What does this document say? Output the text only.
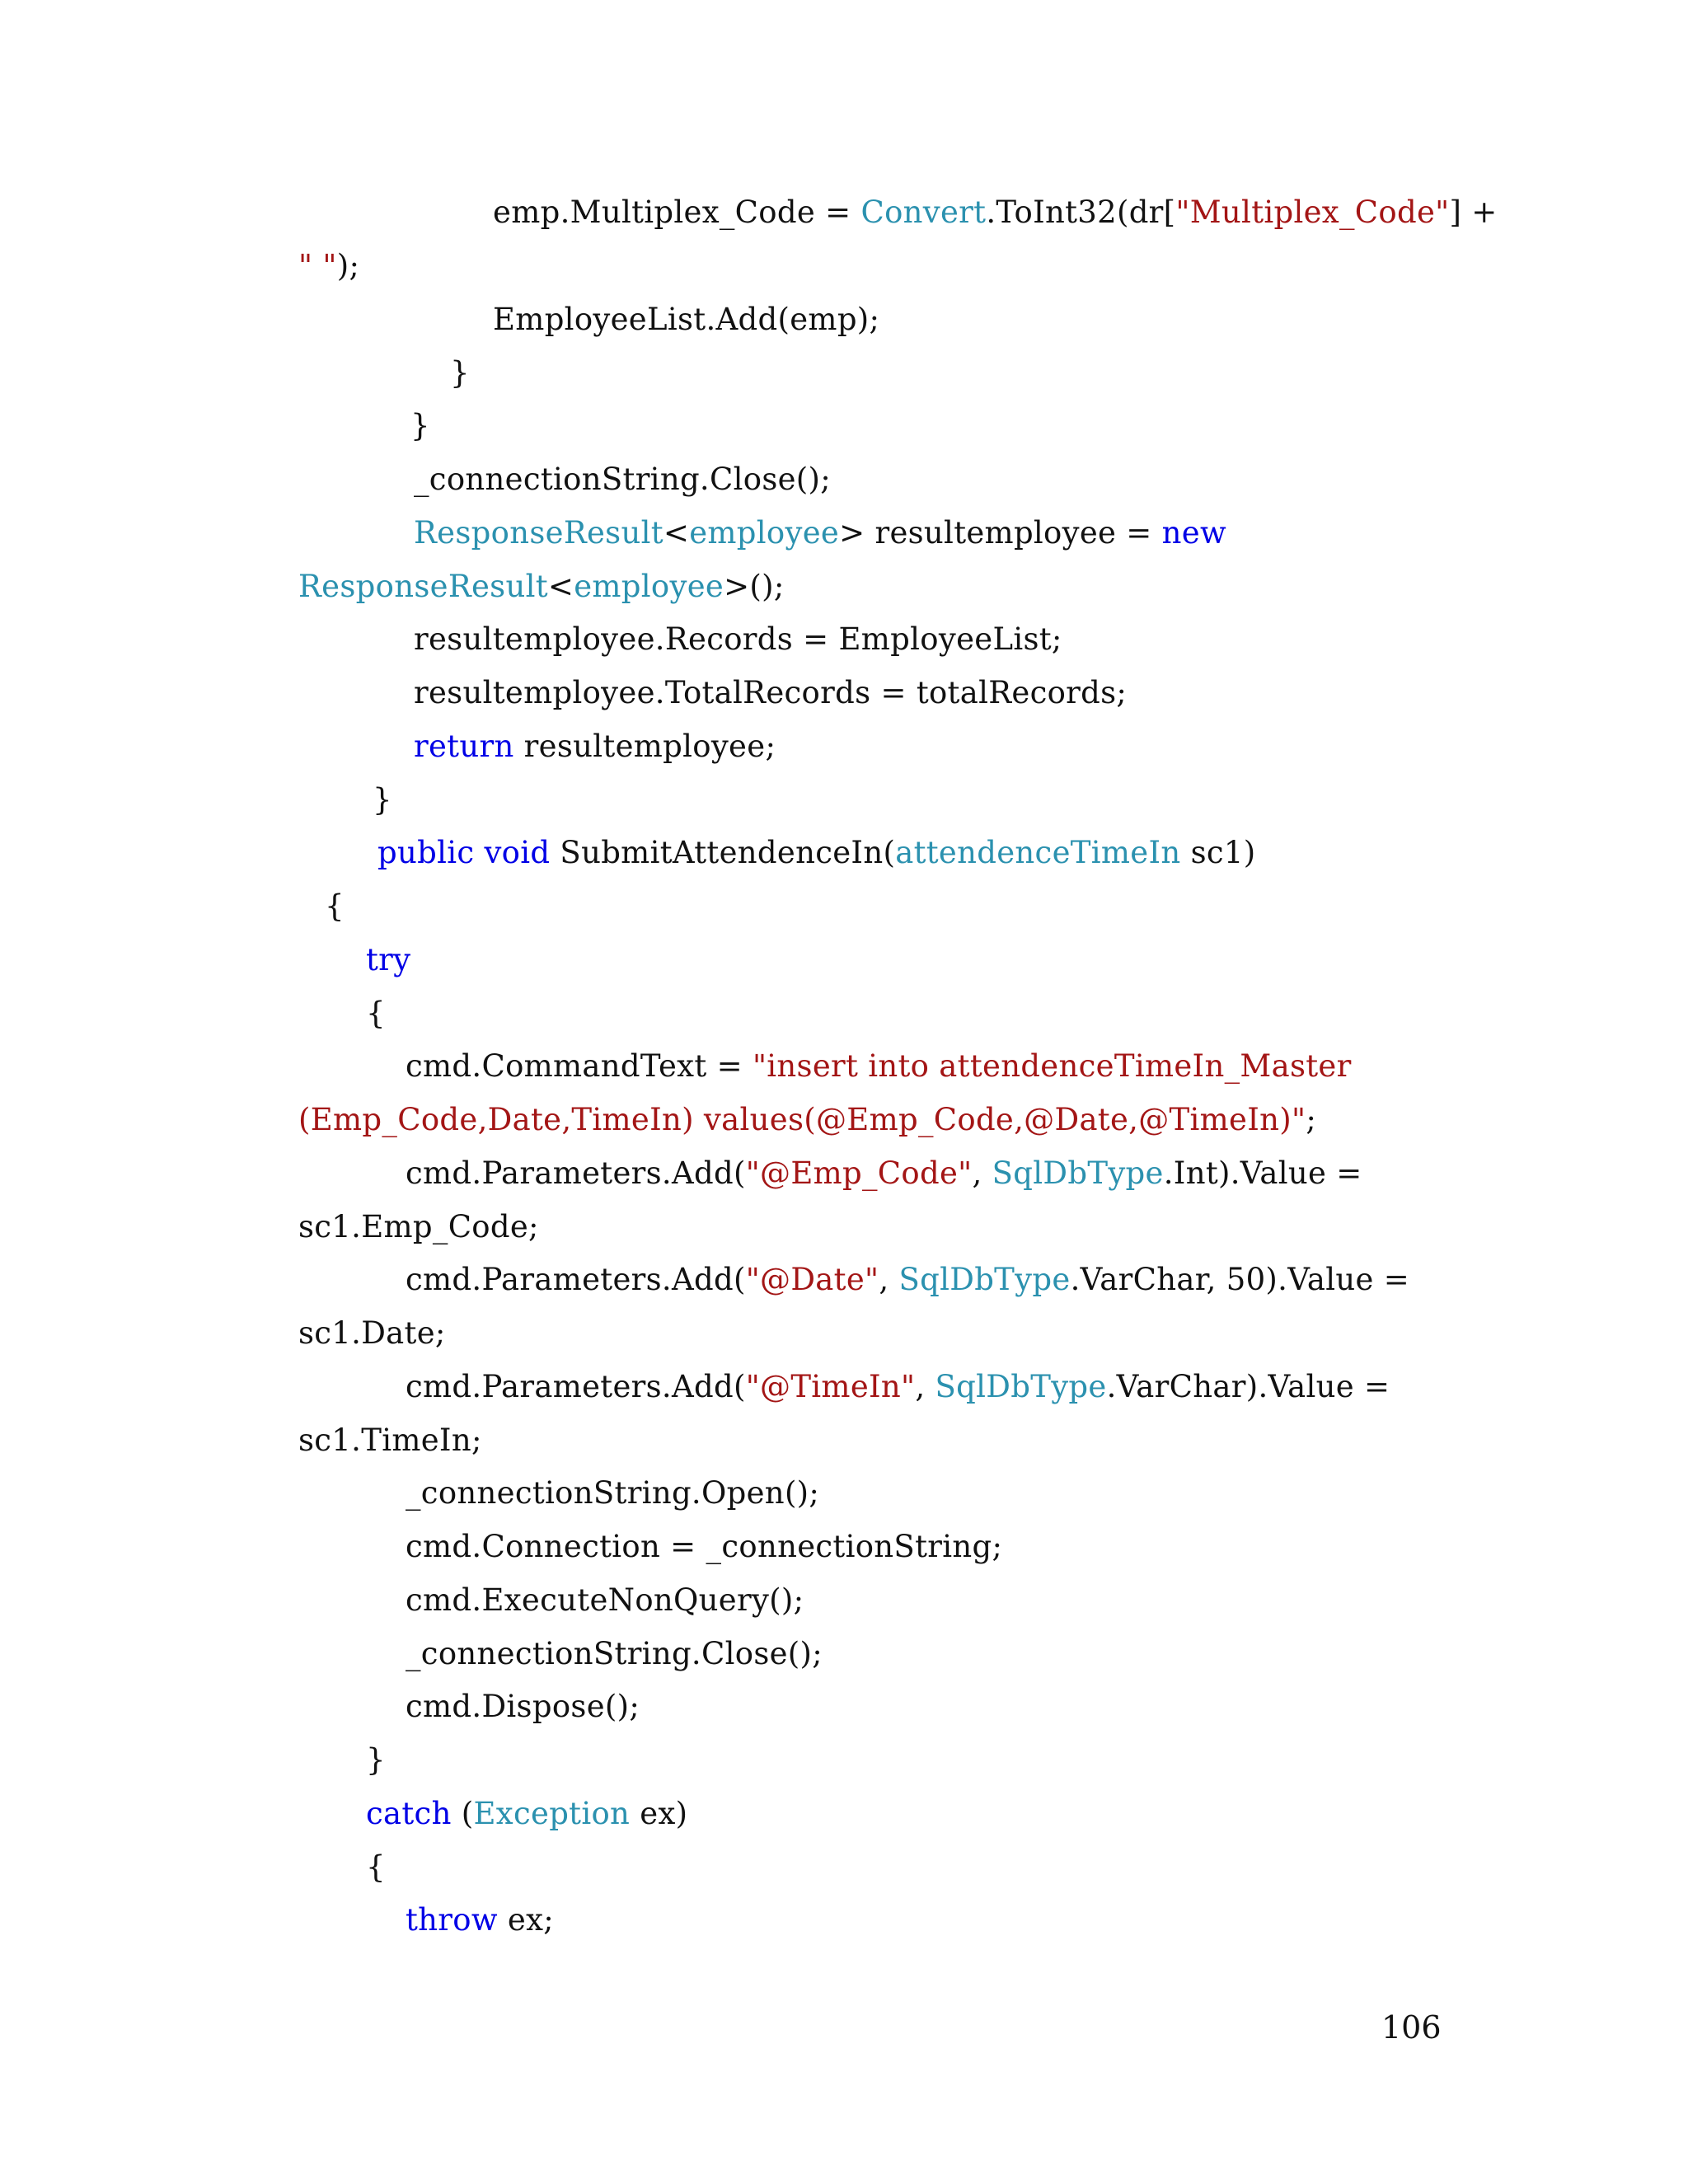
emp.Multiplex_Code = Convert.ToInt32(dr["Multiplex_Code"] +
" ");
EmployeeList.Add(emp);
}
}
_connectionString.Close();
ResponseResult<employee> resultemployee = new
ResponseResult<employee>();
resultemployee.Records = EmployeeList;
resultemployee.TotalRecords = totalRecords;
return resultemployee;
}
public void SubmitAttendenceIn(attendenceTimeIn sc1)
{
try
{
cmd.CommandText = "insert into attendenceTimeIn_Master
(Emp_Code,Date,TimeIn) values(@Emp_Code,@Date,@TimeIn)";
cmd.Parameters.Add("@Emp_Code", SqlDbType.Int).Value =
sc1.Emp_Code;
cmd.Parameters.Add("@Date", SqlDbType.VarChar, 50).Value =
sc1.Date;
cmd.Parameters.Add("@TimeIn", SqlDbType.VarChar).Value =
sc1.TimeIn;
_connectionString.Open();
cmd.Connection = _connectionString;
cmd.ExecuteNonQuery();
_connectionString.Close();
cmd.Dispose();
}
catch (Exception ex)
{
throw ex;
106
